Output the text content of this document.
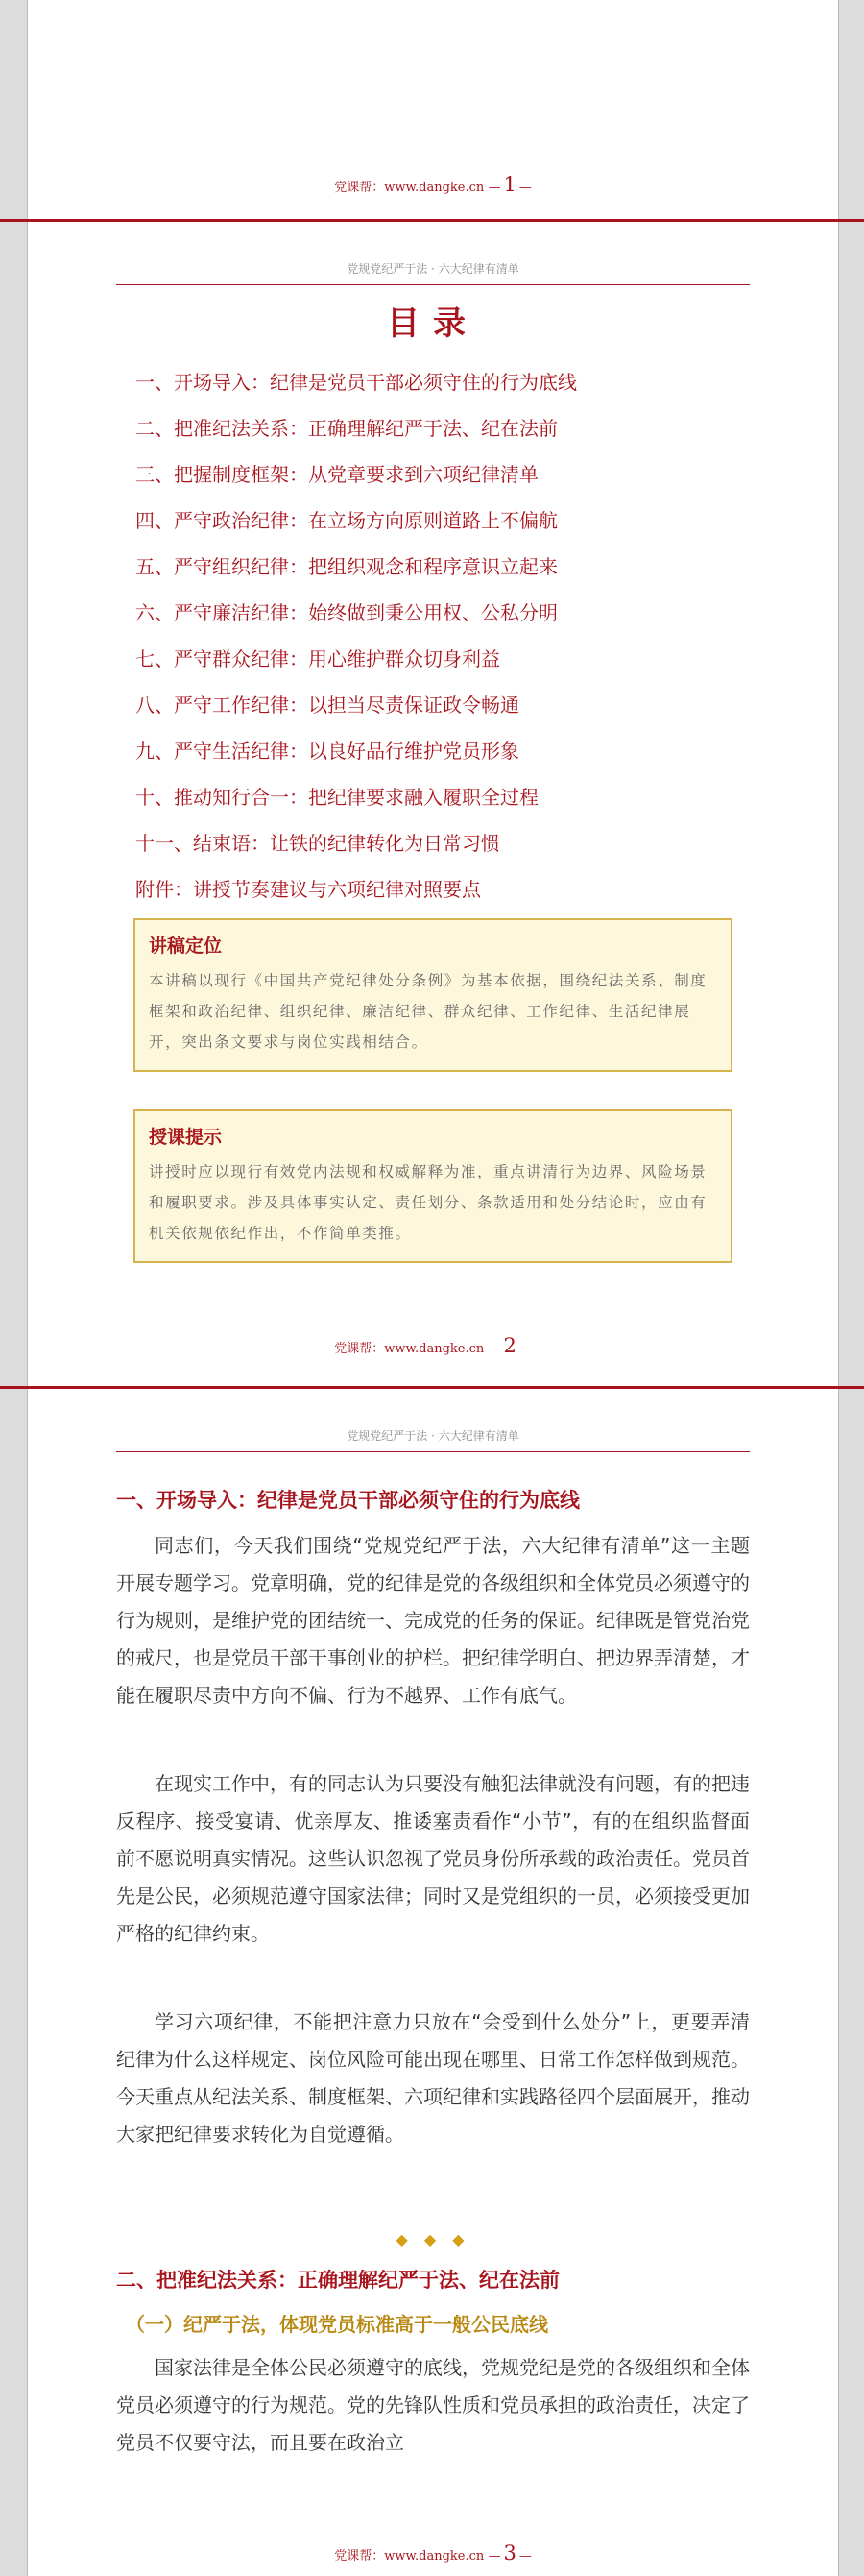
党课帮：www.dangke.cn — 1 —
党规党纪严于法 · 六大纪律有清单
目录
一、开场导入：纪律是党员干部必须守住的行为底线
二、把准纪法关系：正确理解纪严于法、纪在法前
三、把握制度框架：从党章要求到六项纪律清单
四、严守政治纪律：在立场方向原则道路上不偏航
五、严守组织纪律：把组织观念和程序意识立起来
六、严守廉洁纪律：始终做到秉公用权、公私分明
七、严守群众纪律：用心维护群众切身利益
八、严守工作纪律：以担当尽责保证政令畅通
九、严守生活纪律：以良好品行维护党员形象
十、推动知行合一：把纪律要求融入履职全过程
十一、结束语：让铁的纪律转化为日常习惯
附件：讲授节奏建议与六项纪律对照要点
讲稿定位
本讲稿以现行《中国共产党纪律处分条例》为基本依据，围绕纪法关系、制度框架和政治纪律、组织纪律、廉洁纪律、群众纪律、工作纪律、生活纪律展开，突出条文要求与岗位实践相结合。
授课提示
讲授时应以现行有效党内法规和权威解释为准，重点讲清行为边界、风险场景和履职要求。涉及具体事实认定、责任划分、条款适用和处分结论时，应由有机关依规依纪作出，不作简单类推。
党课帮：www.dangke.cn — 2 —
党规党纪严于法 · 六大纪律有清单
一、开场导入：纪律是党员干部必须守住的行为底线
同志们，今天我们围绕“党规党纪严于法，六大纪律有清单”这一主题开展专题学习。党章明确，党的纪律是党的各级组织和全体党员必须遵守的行为规则，是维护党的团结统一、完成党的任务的保证。纪律既是管党治党的戒尺，也是党员干部干事创业的护栏。把纪律学明白、把边界弄清楚，才能在履职尽责中方向不偏、行为不越界、工作有底气。
在现实工作中，有的同志认为只要没有触犯法律就没有问题，有的把违反程序、接受宴请、优亲厚友、推诿塞责看作“小节”，有的在组织监督面前不愿说明真实情况。这些认识忽视了党员身份所承载的政治责任。党员首先是公民，必须规范遵守国家法律；同时又是党组织的一员，必须接受更加严格的纪律约束。
学习六项纪律，不能把注意力只放在“会受到什么处分”上，更要弄清纪律为什么这样规定、岗位风险可能出现在哪里、日常工作怎样做到规范。今天重点从纪法关系、制度框架、六项纪律和实践路径四个层面展开，推动大家把纪律要求转化为自觉遵循。
◆ ◆ ◆
二、把准纪法关系：正确理解纪严于法、纪在法前
（一）纪严于法，体现党员标准高于一般公民底线
国家法律是全体公民必须遵守的底线，党规党纪是党的各级组织和全体党员必须遵守的行为规范。党的先锋队性质和党员承担的政治责任，决定了党员不仅要守法，而且要在政治立
党课帮：www.dangke.cn — 3 —
